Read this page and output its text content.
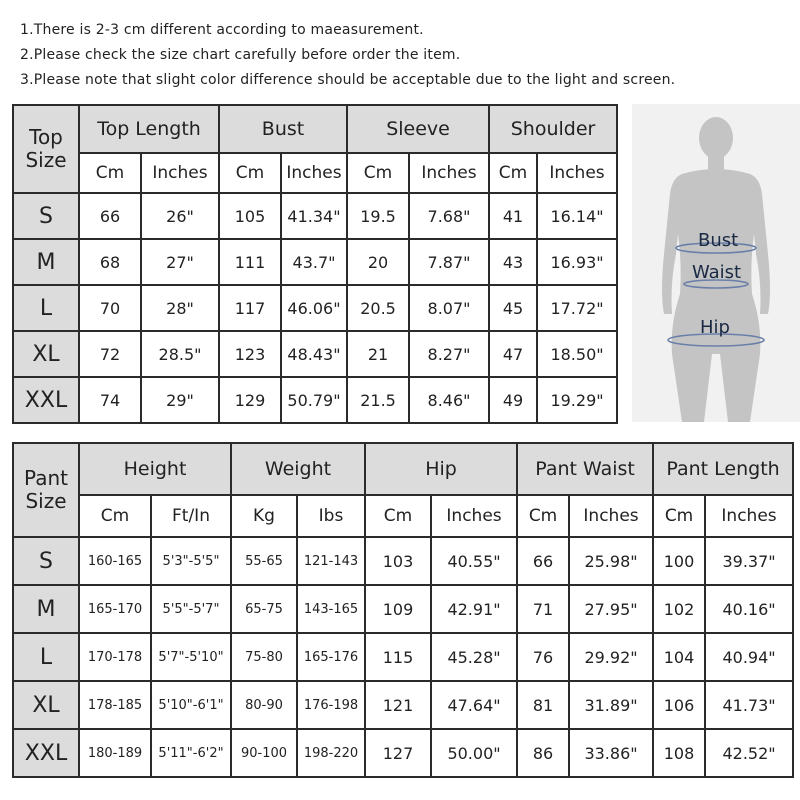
1.There is 2-3 cm different according to maeasurement.
2.Please check the size chart carefully before order the item.
3.Please note that slight color difference should be acceptable due to the light and screen.
Top
Size	Top Length		Bust		Sleeve		Shoulder	
	Cm	Inches	Cm	Inches	Cm	Inches	Cm	Inches
S	66	26"	105	41.34"	19.5	7.68"	41	16.14"
M	68	27"	111	43.7"	20	7.87"	43	16.93"
L	70	28"	117	46.06"	20.5	8.07"	45	17.72"
XL	72	28.5"	123	48.43"	21	8.27"	47	18.50"
XXL	74	29"	129	50.79"	21.5	8.46"	49	19.29"
Bust
Waist
Hip
Pant
Size	Height		Weight		Hip		Pant Waist		Pant Length	
	Cm	Ft/In	Kg	Ibs	Cm	Inches	Cm	Inches	Cm	Inches
S	160-165	5'3"-5'5"	55-65	121-143	103	40.55"	66	25.98"	100	39.37"
M	165-170	5'5"-5'7"	65-75	143-165	109	42.91"	71	27.95"	102	40.16"
L	170-178	5'7"-5'10"	75-80	165-176	115	45.28"	76	29.92"	104	40.94"
XL	178-185	5'10"-6'1"	80-90	176-198	121	47.64"	81	31.89"	106	41.73"
XXL	180-189	5'11"-6'2"	90-100	198-220	127	50.00"	86	33.86"	108	42.52"
